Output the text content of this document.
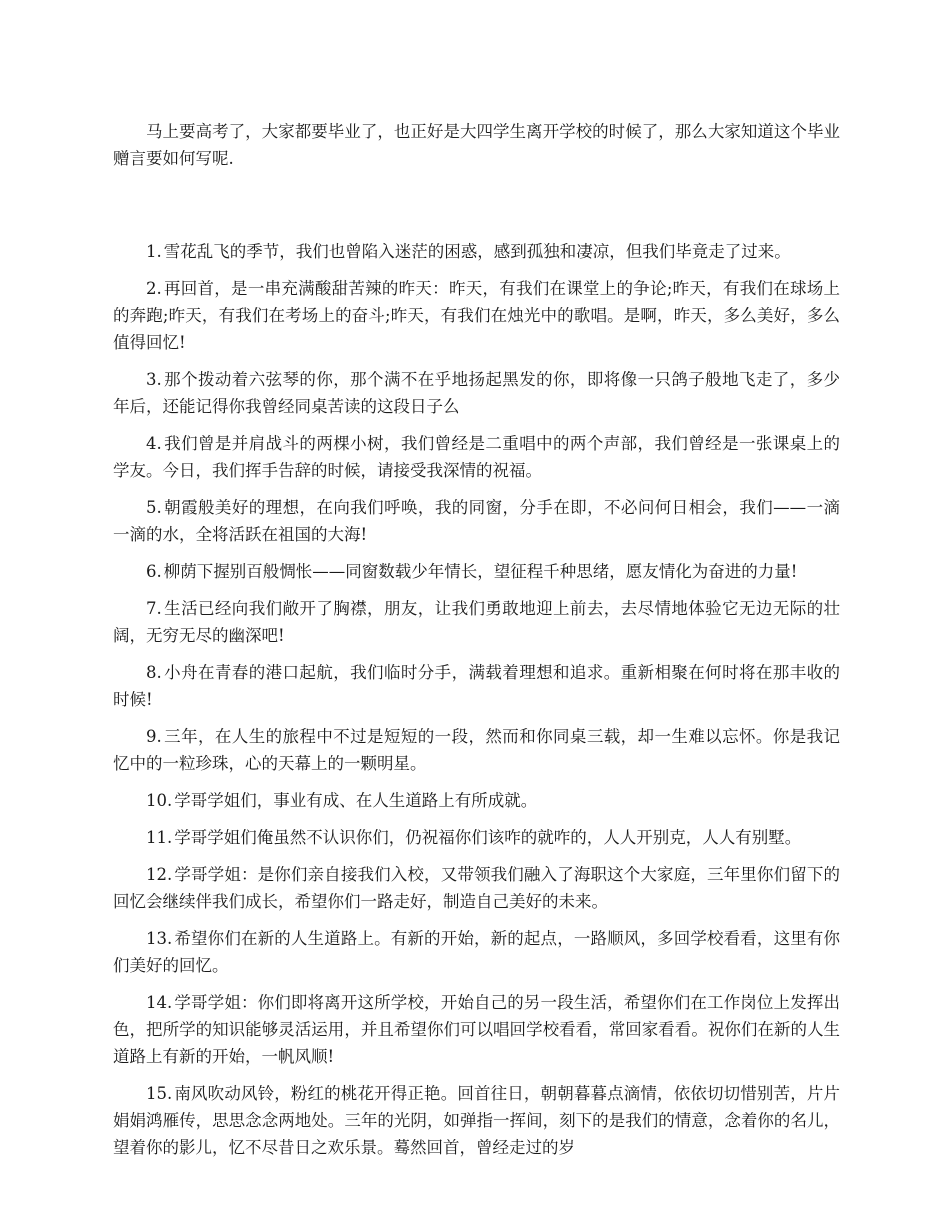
马上要高考了，大家都要毕业了，也正好是大四学生离开学校的时候了，那么大家知道这个毕业赠言要如何写呢.

1. 雪花乱飞的季节，我们也曾陷入迷茫的困惑，感到孤独和凄凉，但我们毕竟走了过来。

2. 再回首，是一串充满酸甜苦辣的昨天：昨天，有我们在课堂上的争论;昨天，有我们在球场上的奔跑;昨天，有我们在考场上的奋斗;昨天，有我们在烛光中的歌唱。是啊，昨天，多么美好，多么值得回忆!

3. 那个拨动着六弦琴的你，那个满不在乎地扬起黑发的你，即将像一只鸽子般地飞走了，多少年后，还能记得你我曾经同桌苦读的这段日子么

4. 我们曾是并肩战斗的两棵小树，我们曾经是二重唱中的两个声部，我们曾经是一张课桌上的学友。今日，我们挥手告辞的时候，请接受我深情的祝福。

5. 朝霞般美好的理想，在向我们呼唤，我的同窗，分手在即，不必问何日相会，我们——一滴一滴的水，全将活跃在祖国的大海!

6. 柳荫下握别百般惆怅——同窗数载少年情长，望征程千种思绪，愿友情化为奋进的力量!

7. 生活已经向我们敞开了胸襟，朋友，让我们勇敢地迎上前去，去尽情地体验它无边无际的壮阔，无穷无尽的幽深吧!

8. 小舟在青春的港口起航，我们临时分手，满载着理想和追求。重新相聚在何时将在那丰收的时候!

9. 三年，在人生的旅程中不过是短短的一段，然而和你同桌三载，却一生难以忘怀。你是我记忆中的一粒珍珠，心的天幕上的一颗明星。

10. 学哥学姐们，事业有成、在人生道路上有所成就。

11. 学哥学姐们俺虽然不认识你们，仍祝福你们该咋的就咋的，人人开别克，人人有别墅。

12. 学哥学姐：是你们亲自接我们入校，又带领我们融入了海职这个大家庭，三年里你们留下的回忆会继续伴我们成长，希望你们一路走好，制造自己美好的未来。

13. 希望你们在新的人生道路上。有新的开始，新的起点，一路顺风，多回学校看看，这里有你们美好的回忆。

14. 学哥学姐：你们即将离开这所学校，开始自己的另一段生活，希望你们在工作岗位上发挥出色，把所学的知识能够灵活运用，并且希望你们可以唱回学校看看，常回家看看。祝你们在新的人生道路上有新的开始，一帆风顺!

15. 南风吹动风铃，粉红的桃花开得正艳。回首往日，朝朝暮暮点滴情，依依切切惜别苦，片片娟娟鸿雁传，思思念念两地处。三年的光阴，如弹指一挥间，刻下的是我们的情意，念着你的名儿，望着你的影儿，忆不尽昔日之欢乐景。蓦然回首，曾经走过的岁
